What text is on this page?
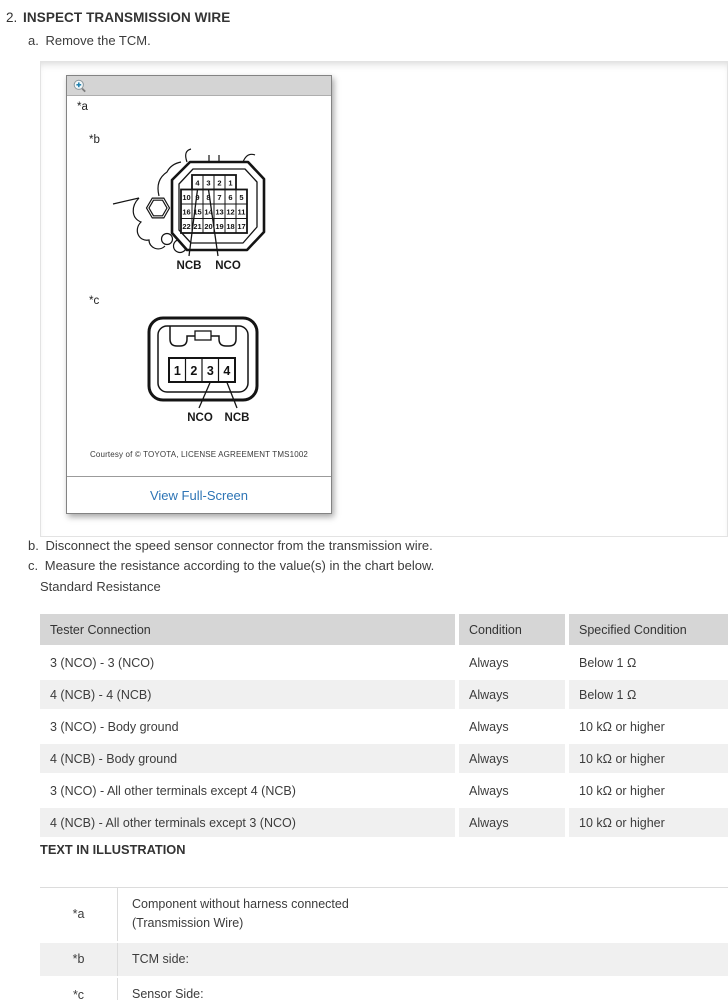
2. INSPECT TRANSMISSION WIRE
a. Remove the TCM.
*a
*b
4 3 2 1
10 9 8 7 6 5
16 15 14 13 12 11
22 21 20 19 18 17
NCB NCO
*c
1 2 3 4
NCO NCB
Courtesy of © TOYOTA, LICENSE AGREEMENT TMS1002
View Full-Screen
b. Disconnect the speed sensor connector from the transmission wire.
c. Measure the resistance according to the value(s) in the chart below.
Standard Resistance
Tester Connection	Condition	Specified Condition
3 (NCO) - 3 (NCO)	Always	Below 1 Ω
4 (NCB) - 4 (NCB)	Always	Below 1 Ω
3 (NCO) - Body ground	Always	10 kΩ or higher
4 (NCB) - Body ground	Always	10 kΩ or higher
3 (NCO) - All other terminals except 4 (NCB)	Always	10 kΩ or higher
4 (NCB) - All other terminals except 3 (NCO)	Always	10 kΩ or higher
TEXT IN ILLUSTRATION
*a
Component without harness connected
(Transmission Wire)
*b	TCM side:
*c	Sensor Side:
